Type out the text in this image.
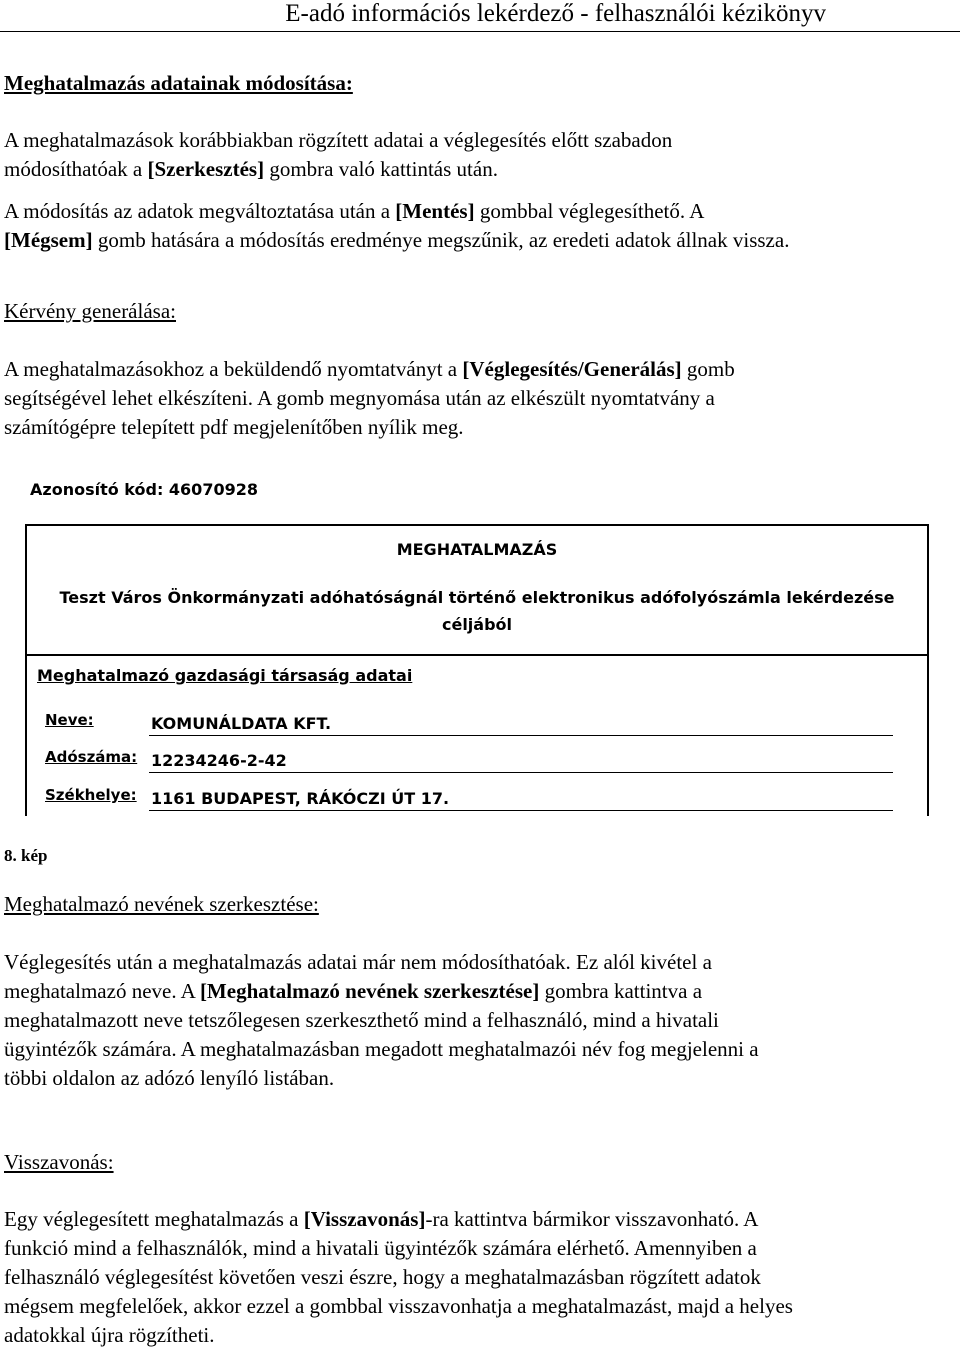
E-adó információs lekérdező - felhasználói kézikönyv
Meghatalmazás adatainak módosítása:
A meghatalmazások korábbiakban rögzített adatai a véglegesítés előtt szabadon
módosíthatóak a [Szerkesztés] gombra való kattintás után.
A módosítás az adatok megváltoztatása után a [Mentés] gombbal véglegesíthető. A
[Mégsem] gomb hatására a módosítás eredménye megszűnik, az eredeti adatok állnak vissza.
Kérvény generálása:
A meghatalmazásokhoz a beküldendő nyomtatványt a [Véglegesítés/Generálás] gomb
segítségével lehet elkészíteni. A gomb megnyomása után az elkészült nyomtatvány a
számítógépre telepített pdf megjelenítőben nyílik meg.
Azonosító kód: 46070928
MEGHATALMAZÁS
Teszt Város Önkormányzati adóhatóságnál történő elektronikus adófolyószámla lekérdezése
céljából
Meghatalmazó gazdasági társaság adatai
Neve:	KOMUNÁLDATA KFT.
Adószáma: 12234246-2-42
Székhelye: 1161 BUDAPEST, RÁKÓCZI ÚT 17.
8. kép
Meghatalmazó nevének szerkesztése:
Véglegesítés után a meghatalmazás adatai már nem módosíthatóak. Ez alól kivétel a
meghatalmazó neve. A [Meghatalmazó nevének szerkesztése] gombra kattintva a
meghatalmazott neve tetszőlegesen szerkeszthető mind a felhasználó, mind a hivatali
ügyintézők számára. A meghatalmazásban megadott meghatalmazói név fog megjelenni a
többi oldalon az adózó lenyíló listában.
Visszavonás:
Egy véglegesített meghatalmazás a [Visszavonás]-ra kattintva bármikor visszavonható. A
funkció mind a felhasználók, mind a hivatali ügyintézők számára elérhető. Amennyiben a
felhasználó véglegesítést követően veszi észre, hogy a meghatalmazásban rögzített adatok
mégsem megfelelőek, akkor ezzel a gombbal visszavonhatja a meghatalmazást, majd a helyes
adatokkal újra rögzítheti.
